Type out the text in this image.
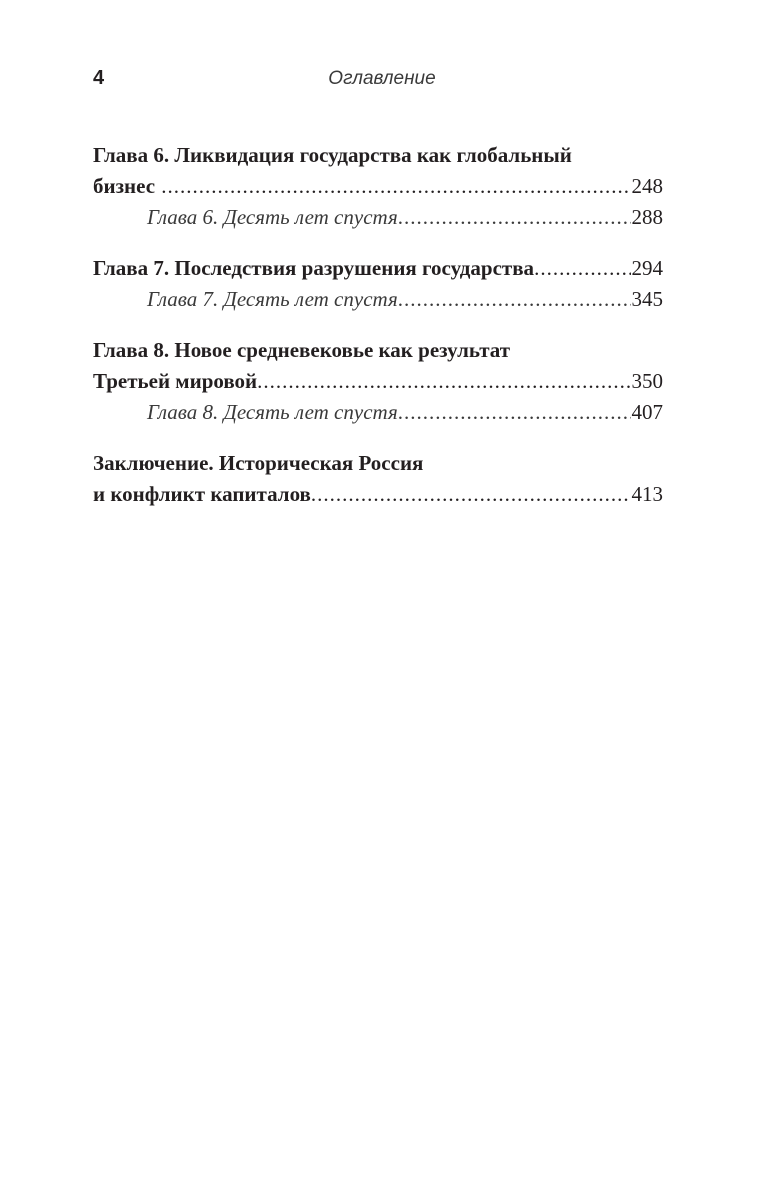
4	Оглавление
Глава 6. Ликвидация государства как глобальный
бизнес .....	248
Глава 6. Десять лет спустя .....	288
Глава 7. Последствия разрушения государства .....	294
Глава 7. Десять лет спустя .....	345
Глава 8. Новое средневековье как результат
Третьей мировой .....	350
Глава 8. Десять лет спустя .....	407
Заключение. Историческая Россия
и конфликт капиталов .....	413
